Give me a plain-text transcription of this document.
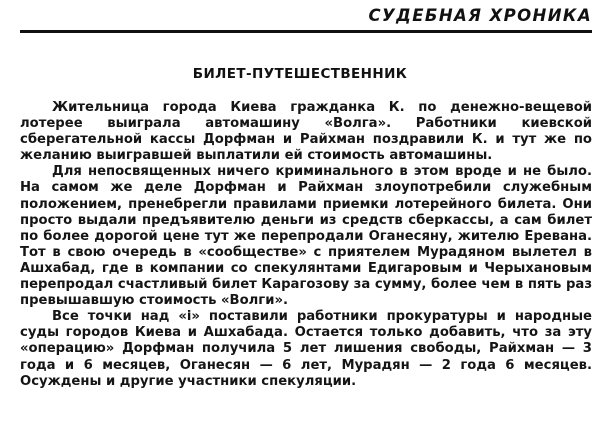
СУДЕБНАЯ ХРОНИКА
БИЛЕТ-ПУТЕШЕСТВЕННИК

Жительница города Киева гражданка К. по денежно-вещевой лотерее выиграла автомашину «Волга». Работники киевской сберегательной кассы Дорфман и Райхман поздравили К. и тут же по желанию выигравшей выплатили ей стоимость автомашины.

Для непосвященных ничего криминального в этом вроде и не было. На самом же деле Дорфман и Райхман злоупотребили служебным положением, пренебрегли правилами приемки лотерейного билета. Они просто выдали предъявителю деньги из средств сберкассы, а сам билет по более дорогой цене тут же перепродали Оганесяну, жителю Еревана. Тот в свою очередь в «сообществе» с приятелем Мурадяном вылетел в Ашхабад, где в компании со спекулянтами Едигаровым и Черыхановым перепродал счастливый билет Карагозову за сумму, более чем в пять раз превышавшую стоимость «Волги».

Все точки над «i» поставили работники прокуратуры и народные суды городов Киева и Ашхабада. Остается только добавить, что за эту «операцию» Дорфман получила 5 лет лишения свободы, Райхман — 3 года и 6 месяцев, Оганесян — 6 лет, Мурадян — 2 года 6 месяцев. Осуждены и другие участники спекуляции.
